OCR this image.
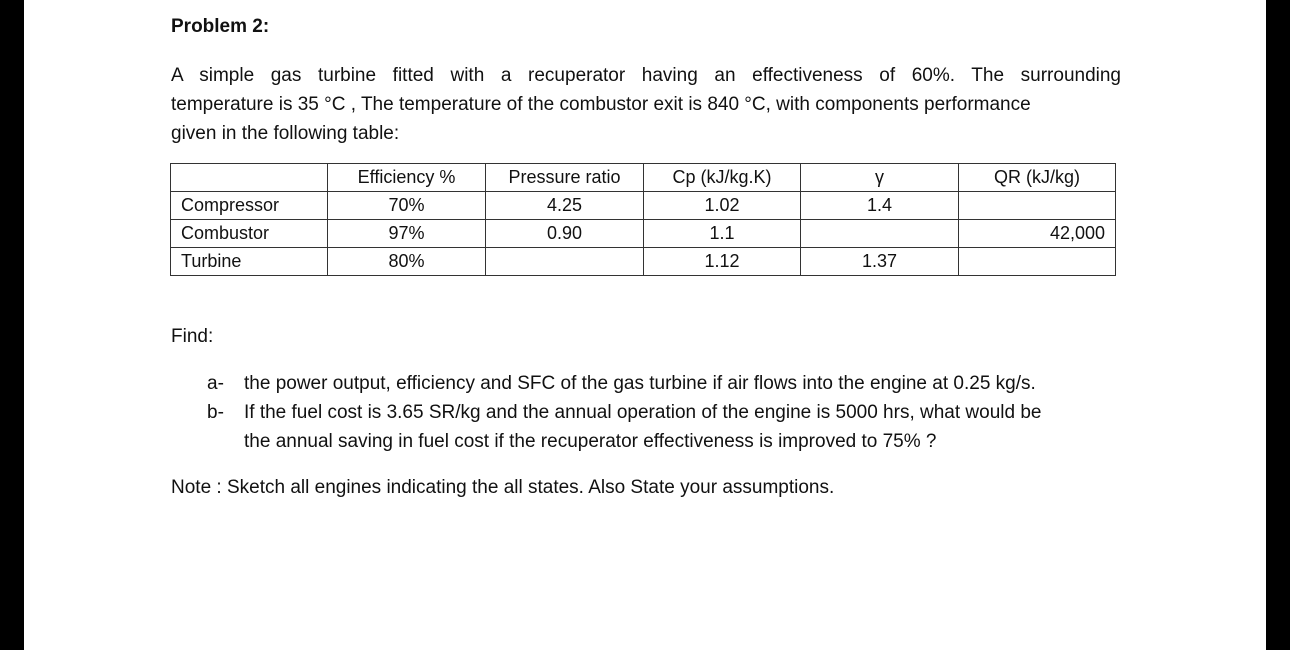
Problem 2:
A simple gas turbine fitted with a recuperator having an effectiveness of 60%. The surrounding
temperature is 35 °C , The temperature of the combustor exit is 840 °C, with components performance
given in the following table:
	Efficiency %	Pressure ratio	Cp (kJ/kg.K)	γ	QR (kJ/kg)
Compressor	70%	4.25	1.02	1.4	
Combustor	97%	0.90	1.1		42,000
Turbine	80%		1.12	1.37	
Find:
a- the power output, efficiency and SFC of the gas turbine if air flows into the engine at 0.25 kg/s.
b- If the fuel cost is 3.65 SR/kg and the annual operation of the engine is 5000 hrs, what would be
the annual saving in fuel cost if the recuperator effectiveness is improved to 75% ?
Note : Sketch all engines indicating the all states. Also State your assumptions.
